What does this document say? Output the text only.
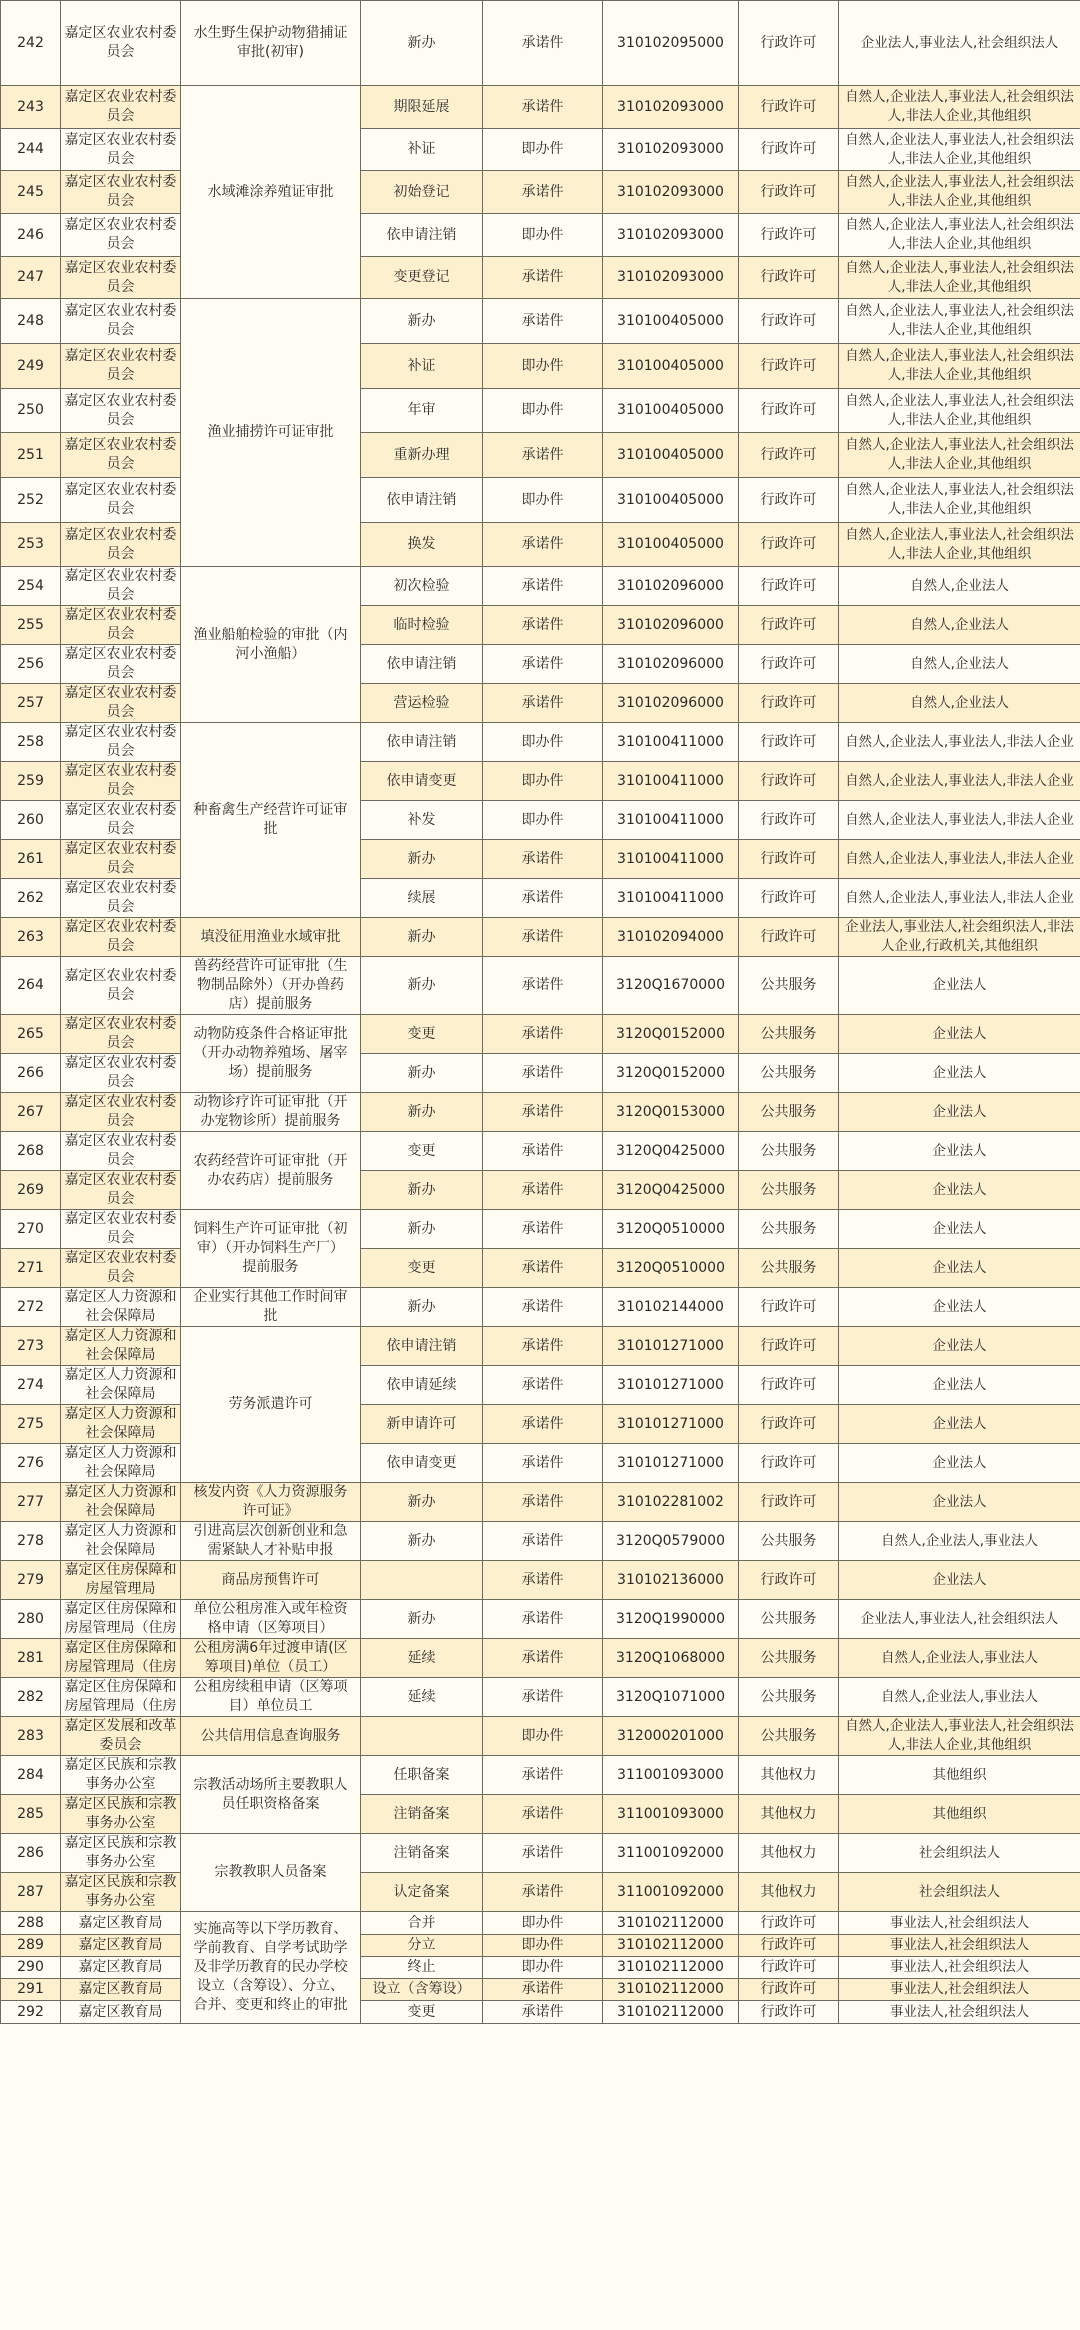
242	嘉定区农业农村委员会	水生野生保护动物猎捕证审批(初审)	新办	承诺件	310102095000	行政许可	企业法人,事业法人,社会组织法人
243	嘉定区农业农村委员会	水域滩涂养殖证审批	期限延展	承诺件	310102093000	行政许可	自然人,企业法人,事业法人,社会组织法人,非法人企业,其他组织
244	嘉定区农业农村委员会		补证	即办件	310102093000	行政许可	自然人,企业法人,事业法人,社会组织法人,非法人企业,其他组织
245	嘉定区农业农村委员会		初始登记	承诺件	310102093000	行政许可	自然人,企业法人,事业法人,社会组织法人,非法人企业,其他组织
246	嘉定区农业农村委员会		依申请注销	即办件	310102093000	行政许可	自然人,企业法人,事业法人,社会组织法人,非法人企业,其他组织
247	嘉定区农业农村委员会		变更登记	承诺件	310102093000	行政许可	自然人,企业法人,事业法人,社会组织法人,非法人企业,其他组织
248	嘉定区农业农村委员会	渔业捕捞许可证审批	新办	承诺件	310100405000	行政许可	自然人,企业法人,事业法人,社会组织法人,非法人企业,其他组织
249	嘉定区农业农村委员会		补证	即办件	310100405000	行政许可	自然人,企业法人,事业法人,社会组织法人,非法人企业,其他组织
250	嘉定区农业农村委员会		年审	即办件	310100405000	行政许可	自然人,企业法人,事业法人,社会组织法人,非法人企业,其他组织
251	嘉定区农业农村委员会		重新办理	承诺件	310100405000	行政许可	自然人,企业法人,事业法人,社会组织法人,非法人企业,其他组织
252	嘉定区农业农村委员会		依申请注销	即办件	310100405000	行政许可	自然人,企业法人,事业法人,社会组织法人,非法人企业,其他组织
253	嘉定区农业农村委员会		换发	承诺件	310100405000	行政许可	自然人,企业法人,事业法人,社会组织法人,非法人企业,其他组织
254	嘉定区农业农村委员会	渔业船舶检验的审批（内河小渔船）	初次检验	承诺件	310102096000	行政许可	自然人,企业法人
255	嘉定区农业农村委员会		临时检验	承诺件	310102096000	行政许可	自然人,企业法人
256	嘉定区农业农村委员会		依申请注销	承诺件	310102096000	行政许可	自然人,企业法人
257	嘉定区农业农村委员会		营运检验	承诺件	310102096000	行政许可	自然人,企业法人
258	嘉定区农业农村委员会	种畜禽生产经营许可证审批	依申请注销	即办件	310100411000	行政许可	自然人,企业法人,事业法人,非法人企业
259	嘉定区农业农村委员会		依申请变更	即办件	310100411000	行政许可	自然人,企业法人,事业法人,非法人企业
260	嘉定区农业农村委员会		补发	即办件	310100411000	行政许可	自然人,企业法人,事业法人,非法人企业
261	嘉定区农业农村委员会		新办	承诺件	310100411000	行政许可	自然人,企业法人,事业法人,非法人企业
262	嘉定区农业农村委员会		续展	承诺件	310100411000	行政许可	自然人,企业法人,事业法人,非法人企业
263	嘉定区农业农村委员会	填没征用渔业水域审批	新办	承诺件	310102094000	行政许可	企业法人,事业法人,社会组织法人,非法人企业,行政机关,其他组织
264	嘉定区农业农村委员会	兽药经营许可证审批（生物制品除外）（开办兽药店）提前服务	新办	承诺件	3120Q1670000	公共服务	企业法人
265	嘉定区农业农村委员会	动物防疫条件合格证审批（开办动物养殖场、屠宰场）提前服务	变更	承诺件	3120Q0152000	公共服务	企业法人
266	嘉定区农业农村委员会		新办	承诺件	3120Q0152000	公共服务	企业法人
267	嘉定区农业农村委员会	动物诊疗许可证审批（开办宠物诊所）提前服务	新办	承诺件	3120Q0153000	公共服务	企业法人
268	嘉定区农业农村委员会	农药经营许可证审批（开办农药店）提前服务	变更	承诺件	3120Q0425000	公共服务	企业法人
269	嘉定区农业农村委员会		新办	承诺件	3120Q0425000	公共服务	企业法人
270	嘉定区农业农村委员会	饲料生产许可证审批（初审）（开办饲料生产厂）提前服务	新办	承诺件	3120Q0510000	公共服务	企业法人
271	嘉定区农业农村委员会		变更	承诺件	3120Q0510000	公共服务	企业法人
272	嘉定区人力资源和社会保障局	企业实行其他工作时间审批	新办	承诺件	310102144000	行政许可	企业法人
273	嘉定区人力资源和社会保障局	劳务派遣许可	依申请注销	承诺件	310101271000	行政许可	企业法人
274	嘉定区人力资源和社会保障局		依申请延续	承诺件	310101271000	行政许可	企业法人
275	嘉定区人力资源和社会保障局		新申请许可	承诺件	310101271000	行政许可	企业法人
276	嘉定区人力资源和社会保障局		依申请变更	承诺件	310101271000	行政许可	企业法人
277	嘉定区人力资源和社会保障局	核发内资《人力资源服务许可证》	新办	承诺件	310102281002	行政许可	企业法人
278	嘉定区人力资源和社会保障局	引进高层次创新创业和急需紧缺人才补贴申报	新办	承诺件	3120Q0579000	公共服务	自然人,企业法人,事业法人
279	嘉定区住房保障和房屋管理局	商品房预售许可		承诺件	310102136000	行政许可	企业法人
280	嘉定区住房保障和房屋管理局（住房	单位公租房准入或年检资格申请（区筹项目）	新办	承诺件	3120Q1990000	公共服务	企业法人,事业法人,社会组织法人
281	嘉定区住房保障和房屋管理局（住房	公租房满6年过渡申请(区筹项目)单位（员工）	延续	承诺件	3120Q1068000	公共服务	自然人,企业法人,事业法人
282	嘉定区住房保障和房屋管理局（住房	公租房续租申请（区筹项目）单位员工	延续	承诺件	3120Q1071000	公共服务	自然人,企业法人,事业法人
283	嘉定区发展和改革委员会	公共信用信息查询服务		即办件	312000201000	公共服务	自然人,企业法人,事业法人,社会组织法人,非法人企业,其他组织
284	嘉定区民族和宗教事务办公室	宗教活动场所主要教职人员任职资格备案	任职备案	承诺件	311001093000	其他权力	其他组织
285	嘉定区民族和宗教事务办公室		注销备案	承诺件	311001093000	其他权力	其他组织
286	嘉定区民族和宗教事务办公室	宗教教职人员备案	注销备案	承诺件	311001092000	其他权力	社会组织法人
287	嘉定区民族和宗教事务办公室		认定备案	承诺件	311001092000	其他权力	社会组织法人
288	嘉定区教育局	实施高等以下学历教育、学前教育、自学考试助学及非学历教育的民办学校设立（含筹设）、分立、合并、变更和终止的审批	合并	即办件	310102112000	行政许可	事业法人,社会组织法人
289	嘉定区教育局		分立	即办件	310102112000	行政许可	事业法人,社会组织法人
290	嘉定区教育局		终止	即办件	310102112000	行政许可	事业法人,社会组织法人
291	嘉定区教育局		设立（含筹设）	承诺件	310102112000	行政许可	事业法人,社会组织法人
292	嘉定区教育局		变更	承诺件	310102112000	行政许可	事业法人,社会组织法人
